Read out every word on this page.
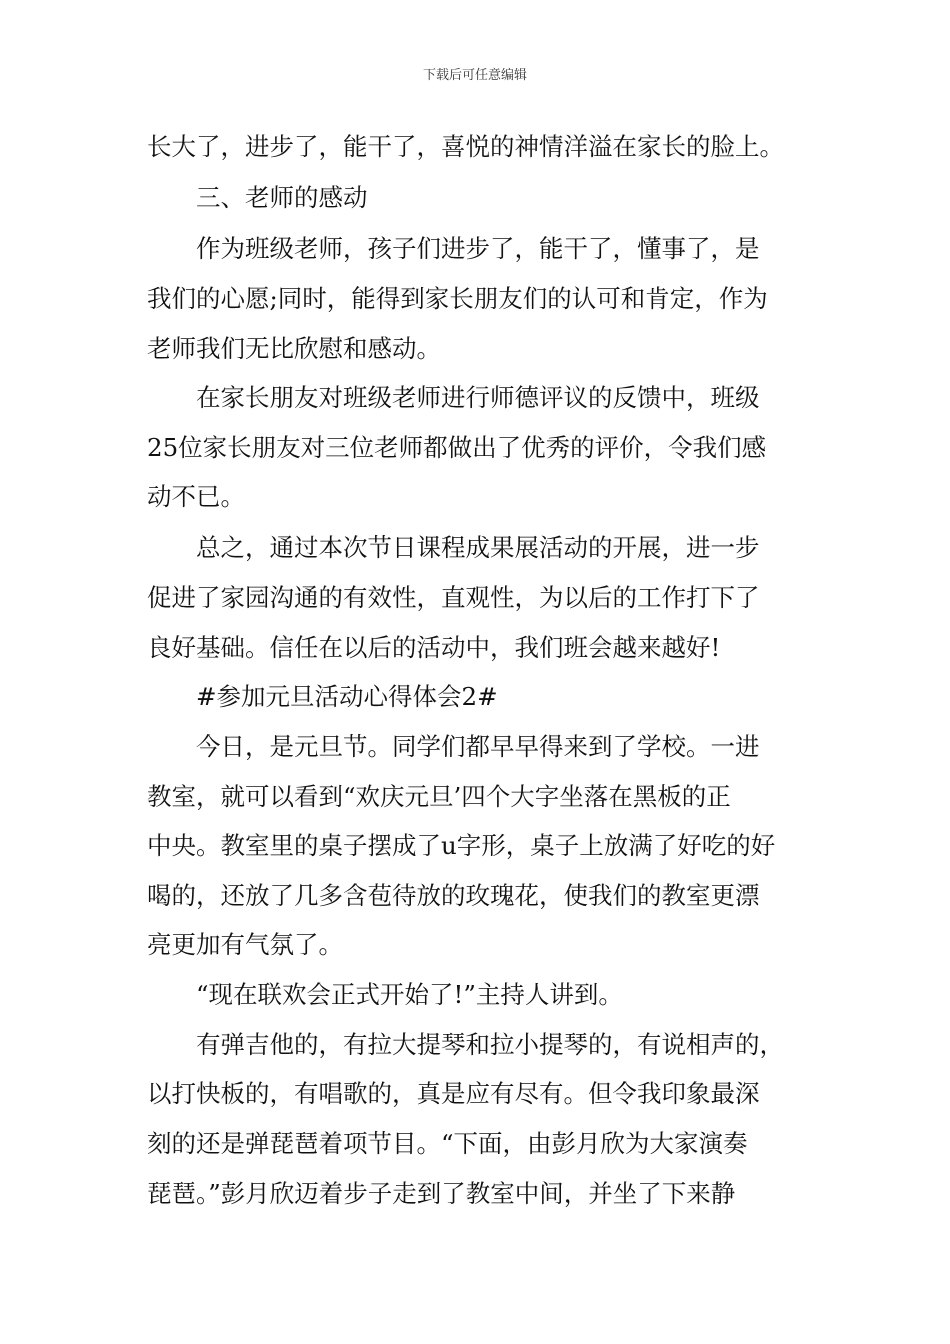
下载后可任意编辑
长大了，进步了，能干了，喜悦的神情洋溢在家长的脸上。
三、老师的感动
作为班级老师，孩子们进步了，能干了，懂事了，是
我们的心愿;同时，能得到家长朋友们的认可和肯定，作为
老师我们无比欣慰和感动。
在家长朋友对班级老师进行师德评议的反馈中，班级
25位家长朋友对三位老师都做出了优秀的评价，令我们感
动不已。
总之，通过本次节日课程成果展活动的开展，进一步
促进了家园沟通的有效性，直观性，为以后的工作打下了
良好基础。信任在以后的活动中，我们班会越来越好!
#参加元旦活动心得体会2#
今日，是元旦节。同学们都早早得来到了学校。一进
教室，就可以看到“欢庆元旦’四个大字坐落在黑板的正
中央。教室里的桌子摆成了u字形，桌子上放满了好吃的好
喝的，还放了几多含苞待放的玫瑰花，使我们的教室更漂
亮更加有气氛了。
“现在联欢会正式开始了!”主持人讲到。
有弹吉他的，有拉大提琴和拉小提琴的，有说相声的，
以打快板的，有唱歌的，真是应有尽有。但令我印象最深
刻的还是弹琵琶着项节目。“下面，由彭月欣为大家演奏
琵琶。”彭月欣迈着步子走到了教室中间，并坐了下来静
